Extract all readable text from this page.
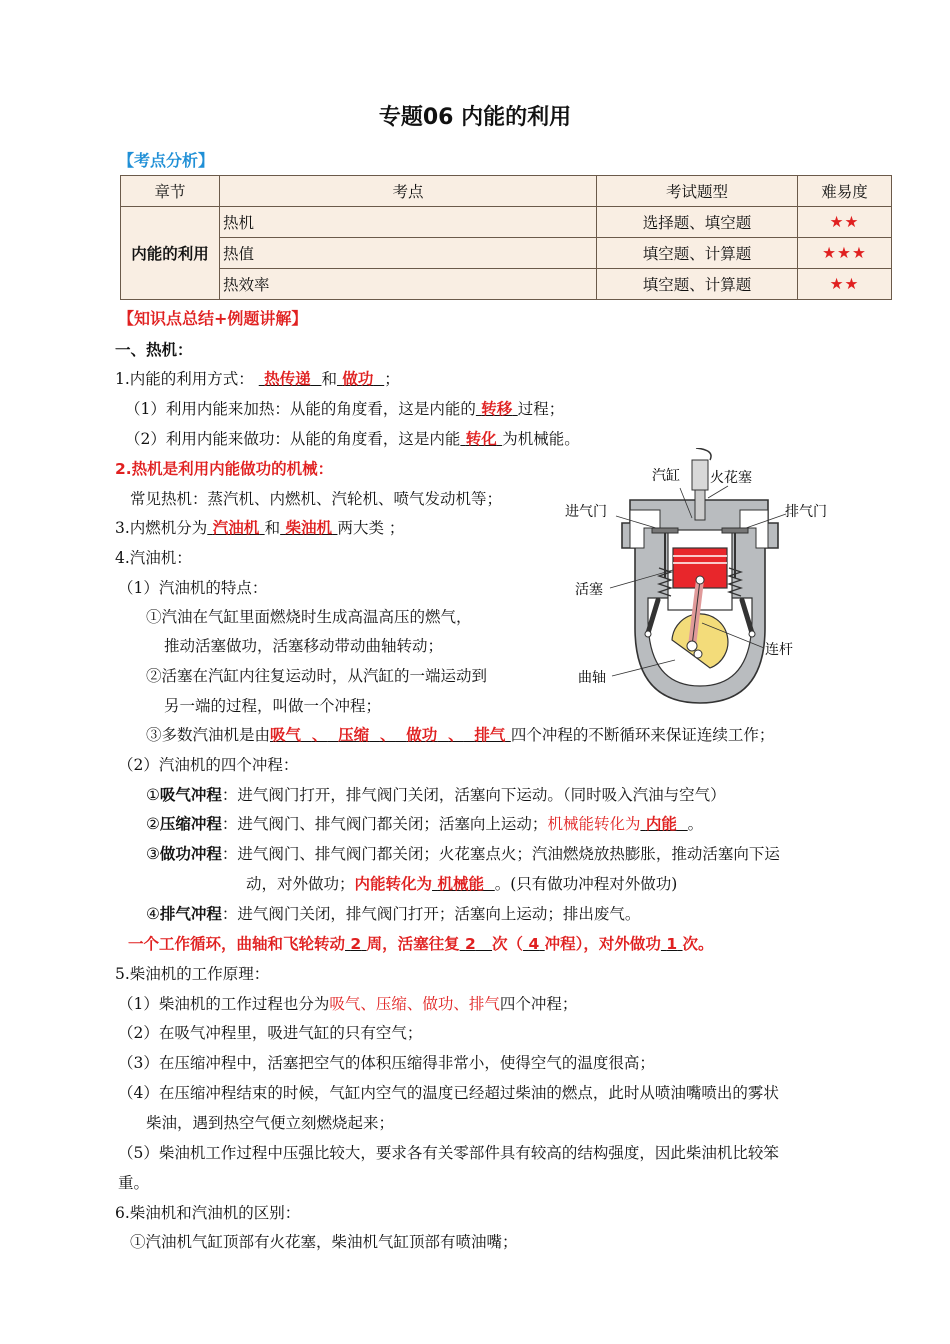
专题06 内能的利用
【考点分析】
章节	考点	考试题型	难易度
内能的利用	热机	选择题、填空题	★★
	热值	填空题、计算题	★★★
	热效率	填空题、计算题	★★
【知识点总结+例题讲解】
一、热机：
1.内能的利用方式： 热传递 和 做功 ；
（1）利用内能来加热：从能的角度看，这是内能的 转移 过程；
（2）利用内能来做功：从能的角度看，这是内能 转化 为机械能。
2.热机是利用内能做功的机械：
常见热机：蒸汽机、内燃机、汽轮机、喷气发动机等；
3.内燃机分为 汽油机 和 柴油机 两大类 ；
4.汽油机：
（1）汽油机的特点：
①汽油在气缸里面燃烧时生成高温高压的燃气，
推动活塞做功，活塞移动带动曲轴转动；
②活塞在汽缸内往复运动时，从汽缸的一端运动到
另一端的过程，叫做一个冲程；
③多数汽油机是由吸气 、 压缩 、 做功 、 排气 四个冲程的不断循环来保证连续工作；
（2）汽油机的四个冲程：
①吸气冲程：进气阀门打开，排气阀门关闭，活塞向下运动。（同时吸入汽油与空气）
②压缩冲程：进气阀门、排气阀门都关闭；活塞向上运动；机械能转化为 内能 。
③做功冲程：进气阀门、排气阀门都关闭；火花塞点火；汽油燃烧放热膨胀，推动活塞向下运
动，对外做功；内能转化为 机械能 。(只有做功冲程对外做功)
④排气冲程：进气阀门关闭，排气阀门打开；活塞向上运动；排出废气。
一个工作循环，曲轴和飞轮转动 2 周，活塞往复 2 次（ 4 冲程），对外做功 1 次。
5.柴油机的工作原理：
（1）柴油机的工作过程也分为吸气、压缩、做功、排气四个冲程；
（2）在吸气冲程里，吸进气缸的只有空气；
（3）在压缩冲程中，活塞把空气的体积压缩得非常小，使得空气的温度很高；
（4）在压缩冲程结束的时候，气缸内空气的温度已经超过柴油的燃点，此时从喷油嘴喷出的雾状
柴油，遇到热空气便立刻燃烧起来；
（5）柴油机工作过程中压强比较大，要求各有关零部件具有较高的结构强度，因此柴油机比较笨
重。
6.柴油机和汽油机的区别：
①汽油机气缸顶部有火花塞，柴油机气缸顶部有喷油嘴；
汽缸 火花塞
进气门	排气门
活塞
连杆
曲轴
